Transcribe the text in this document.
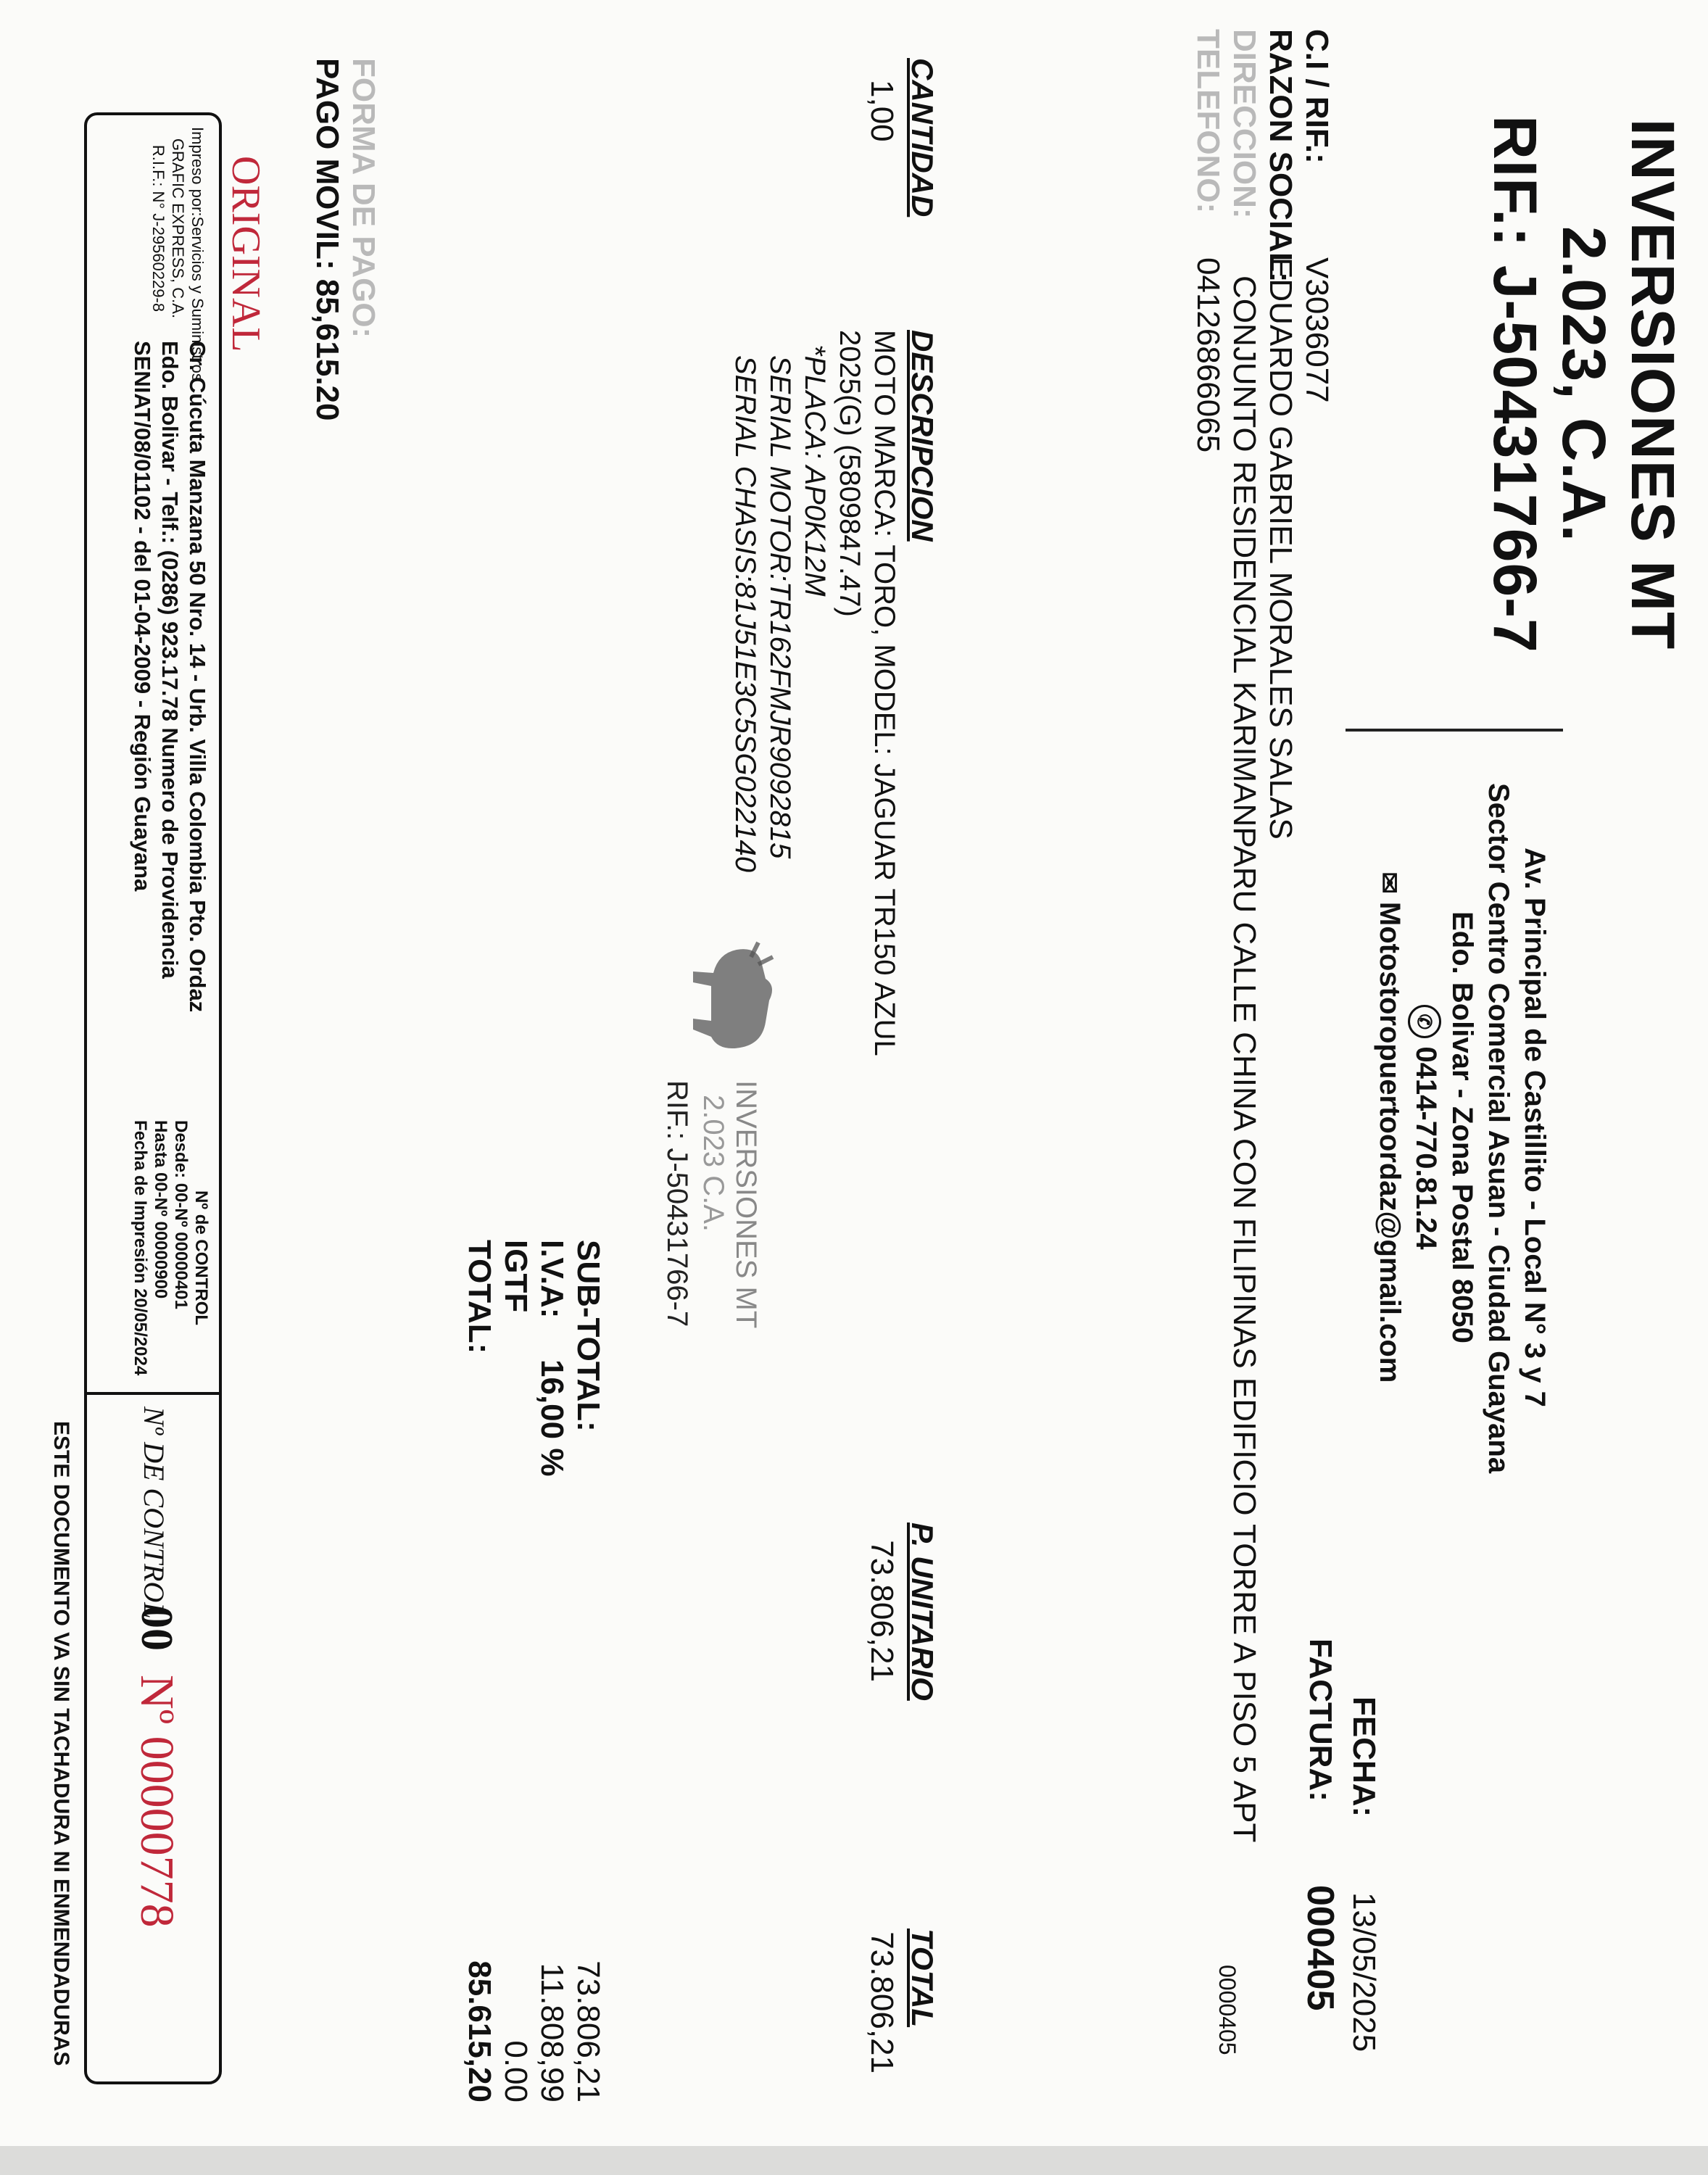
INVERSIONES MT
2.023, C.A.
RIF.: J-50431766-7
Av. Principal de Castillito - Local N° 3 y 7
Sector Centro Comercial Asuan - Ciudad Guayana
Edo. Bolivar - Zona Postal 8050
✆ 0414-770.81.24
✉ Motostoropuertoordaz@gmail.com
FECHA:
13/05/2025
FACTURA:
000405
C.I / RIF.:
V3036077
RAZON SOCIAL:
EDUARDO GABRIEL MORALES SALAS
DIRECCION:
CONJUNTO RESIDENCIAL KARIMANPARU CALLE CHINA CON FILIPINAS EDIFICIO TORRE A PISO 5 APT
0000405
TELEFONO:
04126866065
CANTIDAD
DESCRIPCION
P. UNITARIO
TOTAL
1,00
MOTO MARCA: TORO, MODEL: JAGUAR TR150 AZUL
2025(G) (5809847.47)
*PLACA: AP0K12M
SERIAL MOTOR:TR162FMJR9092815
SERIAL CHASIS:81J51E3C5SG022140
73.806,21
73.806,21
INVERSIONES MT
2.023 C.A.
RIF.: J-50431766-7
SUB-TOTAL:
73.806,21
I.V.A:
16,00 %
11.808,99
IGTF
0.00
TOTAL:
85.615,20
FORMA DE PAGO:
PAGO MOVIL: 85,615.20
ORIGINAL
Impreso por:Servicios y Suministros
GRAFIC EXPRESS, C.A.
R.I.F.: N° J-29560229-8
Cr. Cúcuta Manzana 50 Nro. 14 - Urb. Villa Colombia Pto. Ordaz
Edo. Bolivar - Telf.: (0286) 923.17.78 Numero de Providencia
SENIAT/08/01102 - del 01-04-2009 - Región Guayana
Nº de CONTROL
Desde: 00-Nº 00000401
Hasta 00-Nº 00000900
Fecha de Impresión 20/05/2024
Nº DE CONTROL
00
Nº 00000778
ESTE DOCUMENTO VA SIN TACHADURA NI ENMENDADURAS
